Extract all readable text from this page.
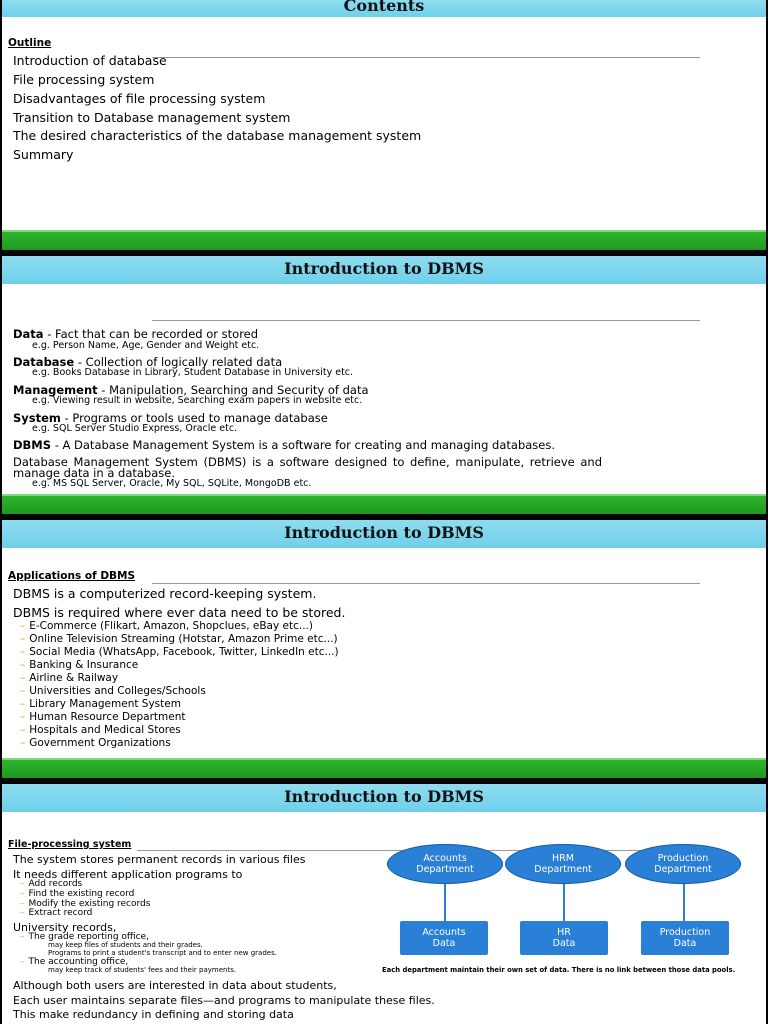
Contents
Outline
Introduction of database
File processing system
Disadvantages of file processing system
Transition to Database management system
The desired characteristics of the database management system
Summary
Introduction to DBMS
Data - Fact that can be recorded or stored
e.g. Person Name, Age, Gender and Weight etc.
Database - Collection of logically related data
e.g. Books Database in Library, Student Database in University etc.
Management - Manipulation, Searching and Security of data
e.g. Viewing result in website, Searching exam papers in website etc.
System - Programs or tools used to manage database
e.g. SQL Server Studio Express, Oracle etc.
DBMS - A Database Management System is a software for creating and managing databases.
Database Management System (DBMS) is a software designed to define, manipulate, retrieve and
manage data in a database.
e.g. MS SQL Server, Oracle, My SQL, SQLite, MongoDB etc.
Introduction to DBMS
Applications of DBMS
DBMS is a computerized record-keeping system.
DBMS is required where ever data need to be stored.
– E-Commerce (Flikart, Amazon, Shopclues, eBay etc...)
– Online Television Streaming (Hotstar, Amazon Prime etc...)
– Social Media (WhatsApp, Facebook, Twitter, LinkedIn etc...)
– Banking & Insurance
– Airline & Railway
– Universities and Colleges/Schools
– Library Management System
– Human Resource Department
– Hospitals and Medical Stores
– Government Organizations
Introduction to DBMS
File-processing system
The system stores permanent records in various files
It needs different application programs to
– Add records
– Find the existing record
– Modify the existing records
– Extract record
University records,
– The grade reporting office,
may keep files of students and their grades.
Programs to print a student's transcript and to enter new grades.
– The accounting office,
may keep track of students' fees and their payments.
Although both users are interested in data about students,
Each user maintains separate files—and programs to manipulate these files.
This make redundancy in defining and storing data
Accounts
Department
HRM
Department
Production
Department
Accounts
Data
HR
Data
Production
Data
Each department maintain their own set of data. There is no link between those data pools.
